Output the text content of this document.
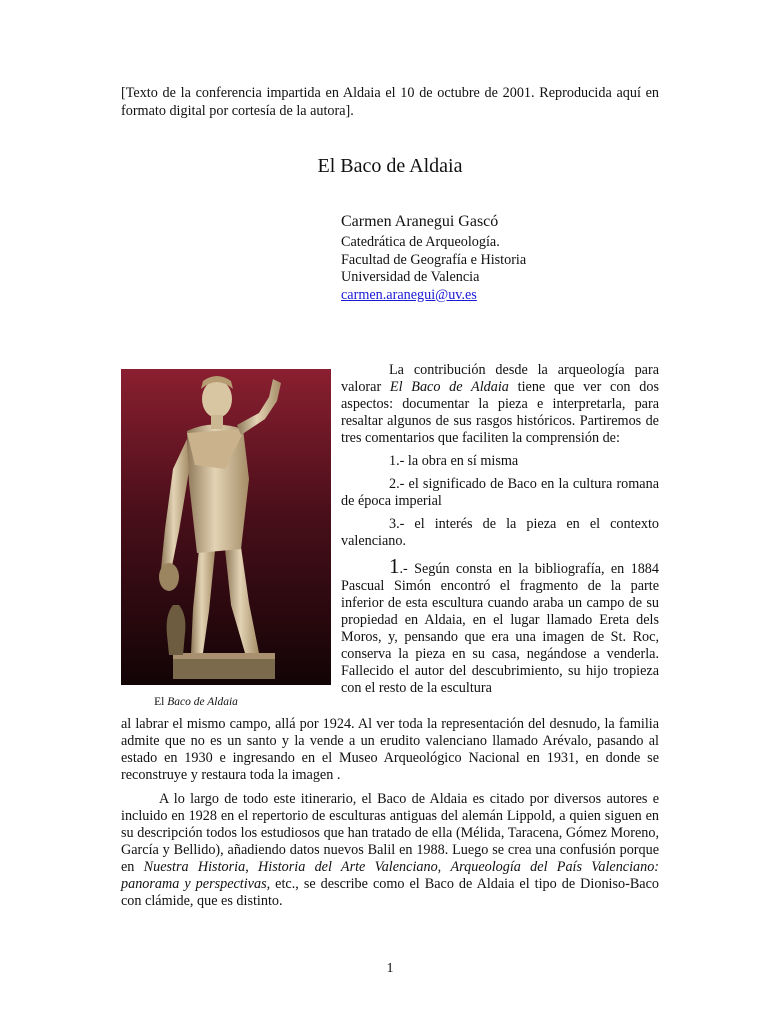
[Texto de la conferencia impartida en Aldaia el 10 de octubre de 2001. Reproducida aquí en formato digital por cortesía de la autora].

El Baco de Aldaia
Carmen Aranegui Gascó
Catedrática de Arqueología.
Facultad de Geografía e Historia
Universidad de Valencia
carmen.aranegui@uv.es

El Baco de Aldaia

La contribución desde la arqueología para valorar El Baco de Aldaia tiene que ver con dos aspectos: documentar la pieza e interpretarla, para resaltar algunos de sus rasgos históricos. Partiremos de tres comentarios que faciliten la comprensión de:

1.- la obra en sí misma

2.- el significado de Baco en la cultura romana de época imperial

3.- el interés de la pieza en el contexto valenciano.

1.- Según consta en la bibliografía, en 1884 Pascual Simón encontró el fragmento de la parte inferior de esta escultura cuando araba un campo de su propiedad en Aldaia, en el lugar llamado Ereta dels Moros, y, pensando que era una imagen de St. Roc, conserva la pieza en su casa, negándose a venderla. Fallecido el autor del descubrimiento, su hijo tropieza con el resto de la escultura

al labrar el mismo campo, allá por 1924. Al ver toda la representación del desnudo, la familia admite que no es un santo y la vende a un erudito valenciano llamado Arévalo, pasando al estado en 1930 e ingresando en el Museo Arqueológico Nacional en 1931, en donde se reconstruye y restaura toda la imagen .

A lo largo de todo este itinerario, el Baco de Aldaia es citado por diversos autores e incluido en 1928 en el repertorio de esculturas antiguas del alemán Lippold, a quien siguen en su descripción todos los estudiosos que han tratado de ella (Mélida, Taracena, Gómez Moreno, García y Bellido), añadiendo datos nuevos Balil en 1988. Luego se crea una confusión porque en Nuestra Historia, Historia del Arte Valenciano, Arqueología del País Valenciano: panorama y perspectivas, etc., se describe como el Baco de Aldaia el tipo de Dioniso-Baco con clámide, que es distinto.

1
